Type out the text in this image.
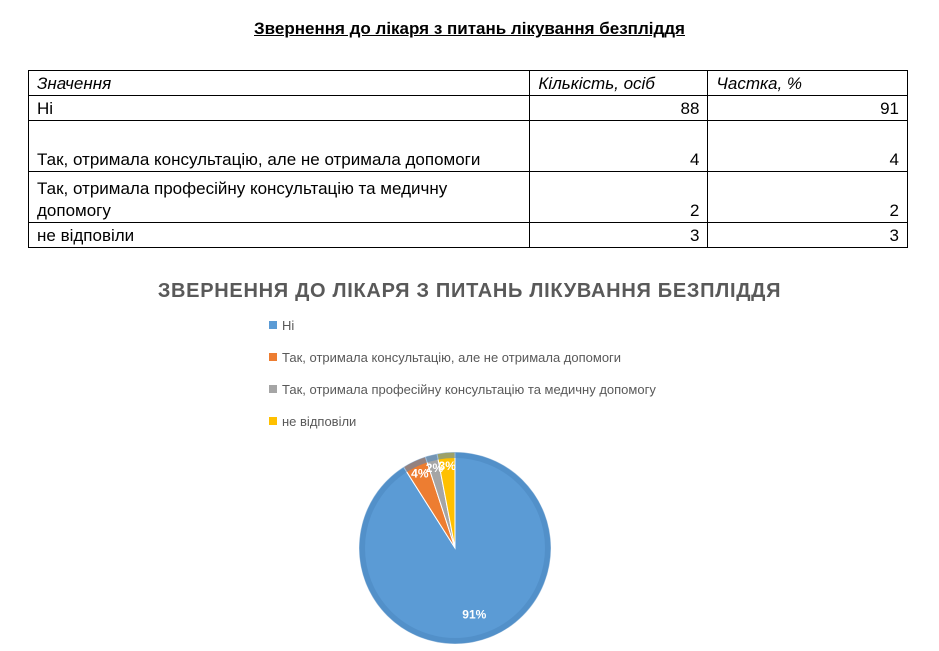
Звернення до лікаря з питань лікування безпліддя
Значення	Кількість, осіб	Частка, %
Ні	88	91
Так, отримала консультацію, але не отримала допомоги	4	4
Так, отримала професійну консультацію та медичну допомогу	2	2
не відповіли	3	3
ЗВЕРНЕННЯ ДО ЛІКАРЯ З ПИТАНЬ ЛІКУВАННЯ БЕЗПЛІДДЯ
Ні
Так, отримала консультацію, але не отримала допомоги
Так, отримала професійну консультацію та медичну допомогу
не відповіли
91%
4%
2%
3%
